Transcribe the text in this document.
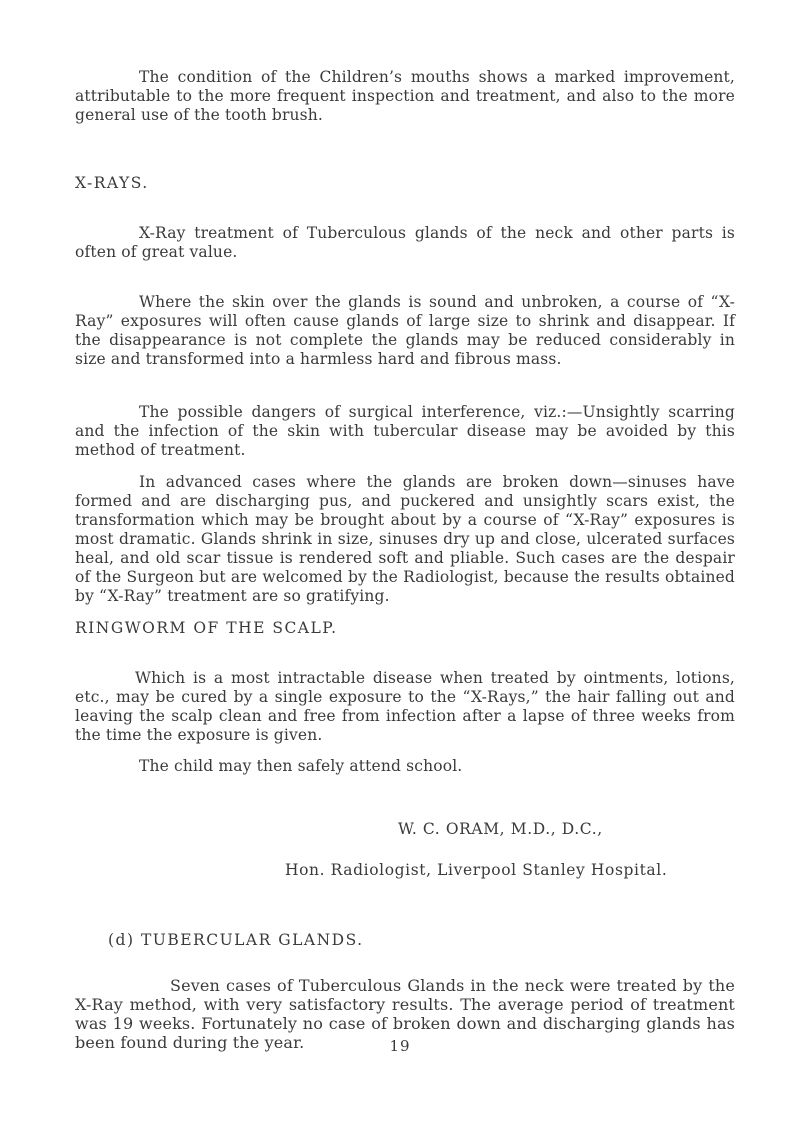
The condition of the Children’s mouths shows a marked improvement, attributable to the more frequent inspection and treatment, and also to the more general use of the tooth brush.

X-RAYS.

X-Ray treatment of Tuberculous glands of the neck and other parts is often of great value.

Where the skin over the glands is sound and unbroken, a course of “X-Ray” exposures will often cause glands of large size to shrink and disappear. If the disappearance is not complete the glands may be reduced considerably in size and transformed into a harmless hard and fibrous mass.

The possible dangers of surgical interference, viz.:—Unsightly scarring and the infection of the skin with tubercular disease may be avoided by this method of treatment.

In advanced cases where the glands are broken down—sinuses have formed and are discharging pus, and puckered and unsightly scars exist, the transformation which may be brought about by a course of “X-Ray” exposures is most dramatic. Glands shrink in size, sinuses dry up and close, ulcerated surfaces heal, and old scar tissue is rendered soft and pliable. Such cases are the despair of the Surgeon but are welcomed by the Radiologist, because the results obtained by “X-Ray” treatment are so gratifying.

RINGWORM OF THE SCALP.

Which is a most intractable disease when treated by ointments, lotions, etc., may be cured by a single exposure to the “X-Rays,” the hair falling out and leaving the scalp clean and free from infection after a lapse of three weeks from the time the exposure is given.

The child may then safely attend school.

W. C. ORAM, M.D., D.C.,

Hon. Radiologist, Liverpool Stanley Hospital.

(d) TUBERCULAR GLANDS.

Seven cases of Tuberculous Glands in the neck were treated by the X-Ray method, with very satisfactory results. The average period of treatment was 19 weeks. Fortunately no case of broken down and discharging glands has been found during the year.	19
